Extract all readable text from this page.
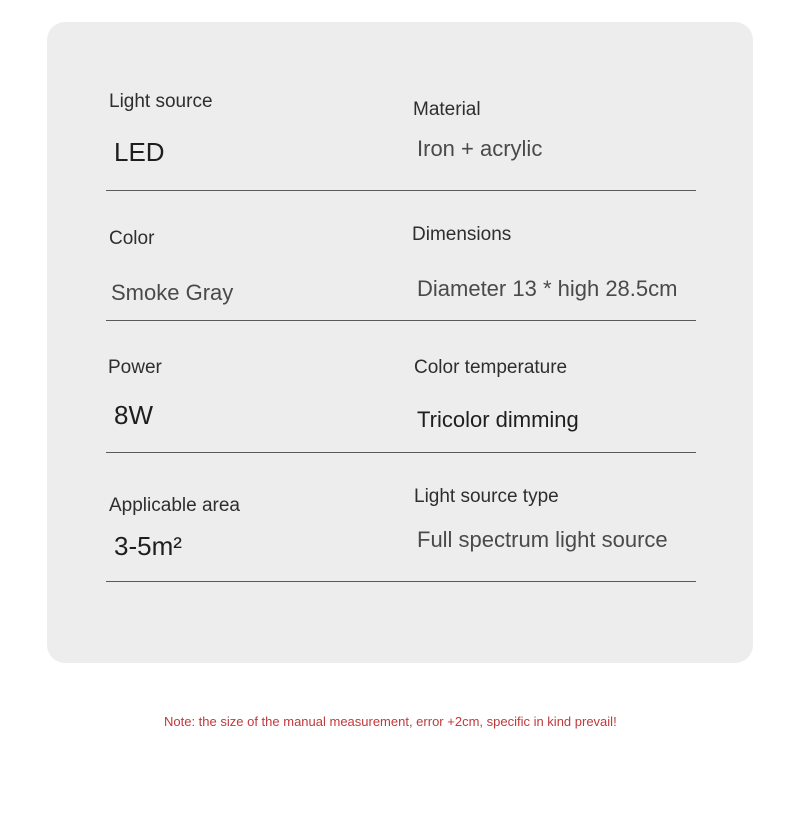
Light source
LED
Material
Iron + acrylic
Color
Smoke Gray
Dimensions
Diameter 13 * high 28.5cm
Power
8W
Color temperature
Tricolor dimming
Applicable area
3-5m²
Light source type
Full spectrum light source
Note: the size of the manual measurement, error +2cm, specific in kind prevail!
